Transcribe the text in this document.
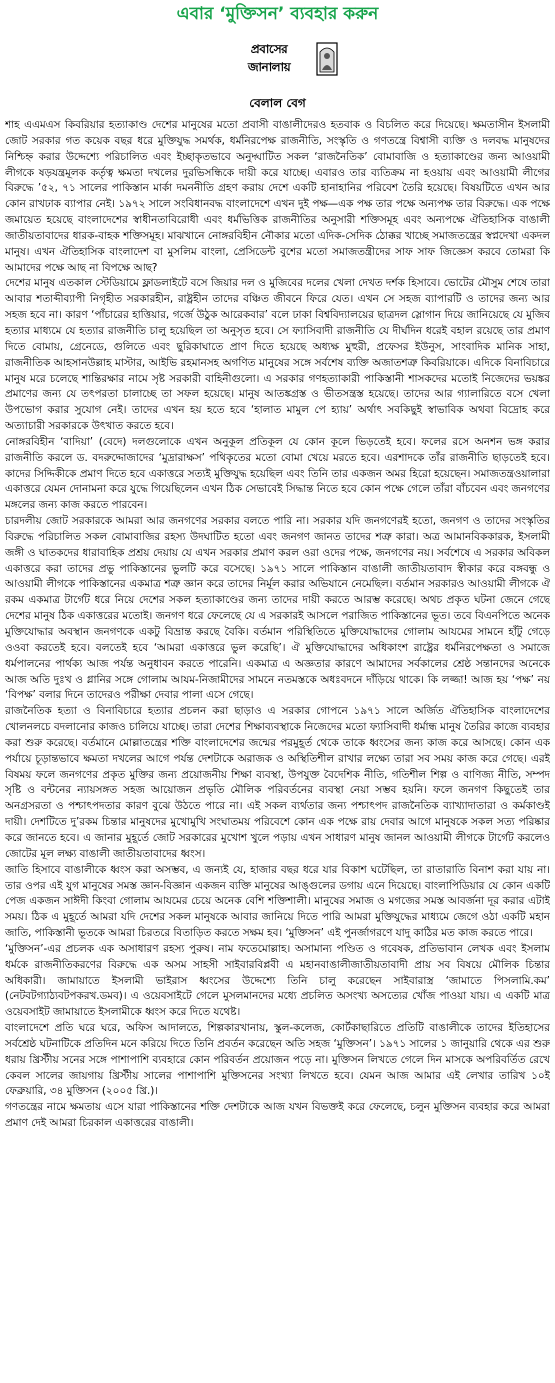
এবার ‘মুক্তিসন’ ব্যবহার করুন
প্রবাসের
জানালায়
বেলাল বেগ

শাহ এএমএস কিবরিয়ার হত্যাকাণ্ড দেশের মানুষের মতো প্রবাসী বাঙালীদেরও হতবাক ও বিচলিত করে দিয়েছে। ক্ষমতাসীন ইসলামী জোট সরকার গত কয়েক বছর ধরে মুক্তিযুদ্ধ সমর্থক, ধর্মনিরপেক্ষ রাজনীতি, সংস্কৃতি ও গণতন্ত্রে বিশ্বাসী ব্যক্তি ও দলবদ্ধ মানুষদের নিশ্চিহ্ন করার উদ্দেশ্যে পরিচালিত এবং ইচ্ছাকৃতভাবে অনুদ্ঘাটিত সকল ‘রাজনৈতিক’ বোমাবাজি ও হত্যাকাণ্ডের জন্য আওয়ামী লীগকে ষড়যন্ত্রমূলক কর্তৃত্ব ক্ষমতা দখলের দুরভিসন্ধিকে দায়ী করে যাচ্ছে। এবারও তার ব্যতিক্রম না হওয়ায় এবং আওয়ামী লীগের বিরুদ্ধে ’৫২, ৭১ সালের পাকিস্তান মার্কা দমননীতি গ্রহণ করায় দেশে একটি হানাহানির পরিবেশ তৈরি হয়েছে। বিষয়টিতে এখন আর কোন রাখঢাক ব্যাপার নেই। ১৯৭২ সালে সংবিধানবদ্ধ বাংলাদেশে এখন দুই পক্ষ—এক পক্ষ তার পক্ষে অন্যপক্ষ তার বিরুদ্ধে। এক পক্ষে জমায়েত হয়েছে বাংলাদেশের স্বাধীনতাবিরোধী এবং ধর্মভিত্তিক রাজনীতির অনুসারী শক্তিসমূহ এবং অন্যপক্ষে ঐতিহাসিক বাঙালী জাতীয়তাবাদের ধারক-বাহক শক্তিসমূহ। মাঝখানে নোঙ্গরবিহীন নৌকার মতো এদিক-সেদিক ঠোক্কর খাচ্ছে সমাজতন্ত্রের স্বপ্নদেখা একদল মানুষ। এখন ঐতিহাসিক বাংলাদেশ বা মুসলিম বাংলা, প্রেসিডেন্ট বুশের মতো সমাজতন্ত্রীদের সাফ সাফ জিজ্ঞেস করবে তোমরা কি আমাদের পক্ষে আছ না বিপক্ষে আছ?

দেশের মানুষ এতকাল স্টেডিয়ামে ফ্লাডলাইটে বসে জিয়ার দল ও মুজিবের দলের খেলা দেখত দর্শক হিসাবে। ভোটের মৌসুম শেষে তারা আবার শতাব্দীব্যাপী নিগৃহীত সরকারহীন, রাষ্ট্রহীন তাদের বঞ্চিত জীবনে ফিরে যেত। এখন সে সহজ ব্যাপারটি ও তাদের জন্য আর সহজ হবে না। কারণ ‘পাঁচারের হাত্তিয়ার, গর্জে উঠুক আরেকবার’ বলে ঢাকা বিশ্ববিদ্যালয়ের ছাত্রদল স্লোগান দিয়ে জানিয়েছে যে মুজিব হত্যার মাধ্যমে যে হত্যার রাজনীতি চালু হয়েছিল তা অনুসৃত হবে। সে ফ্যাসিবাদী রাজনীতি যে দীর্ঘদিন ধরেই বহাল রয়েছে তার প্রমাণ দিতে বোমায়, গ্রেনেডে, গুলিতে এবং ছুরিকাঘাতে প্রাণ দিতে হয়েছে অধ্যক্ষ মুহুরী, প্রফেসর ইউনুস, সাংবাদিক মানিক সাহা, রাজনীতিক আহসানউল্লাহ মাস্টার, আইভি রহমানসহ অগণিত মানুষের সঙ্গে সর্বশেষ ব্যক্তি অজাতশত্রু কিবরিয়াকে। এদিকে বিনাবিচারে মানুষ মরে চলেছে শান্তিরক্ষার নামে সৃষ্ট সরকারী বাহিনীগুলো। এ সরকার গণহত্যাকারী পাকিস্তানী শাসকদের মতোই নিজেদের ভয়ঙ্কর প্রমাণের জন্য যে তৎপরতা চালাচ্ছে তা সফল হয়েছে। মানুষ আতঙ্কগ্রস্ত ও ভীতসন্ত্রস্ত হয়েছে। তাদের আর গ্যালারিতে বসে খেলা উপভোগ করার সুযোগ নেই। তাদের এখন হয় হতে হবে ‘হালাত মামুল পে হ্যায়’ অর্থাৎ সবকিছুই স্বাভাবিক অথবা বিদ্রোহ করে অত্যাচারী সরকারকে উৎখাত করতে হবে।

নোঙ্গরবিহীন ‘বাদিয়া’ (বেদে) দলগুলোকে এখন অনুকূল প্রতিকূল যে কোন কূলে ভিড়তেই হবে। ফলের রসে অনশন ভঙ্গ করার রাজনীতি করলে ড. বদরুদ্দোজাদের ‘মুদ্রারাক্ষস’ পথিকৃতের মতো বোমা খেয়ে মরতে হবে। এরশাদকে তাঁর রাজনীতি ছাড়তেই হবে। কাদের সিদ্দিকীকে প্রমাণ দিতে হবে একাত্তরে সত্যই মুক্তিযুদ্ধ হয়েছিল এবং তিনি তার একজন অমর হিরো হয়েছেন। সমাজতন্ত্রওয়ালারা একাত্তরে যেমন দোনামনা করে যুদ্ধে গিয়েছিলেন এখন ঠিক সেভাবেই সিদ্ধান্ত নিতে হবে কোন পক্ষে গেলে তাঁরা বাঁচবেন এবং জনগণের মঙ্গলের জন্য কাজ করতে পারবেন।

চারদলীয় জোট সরকারকে আমরা আর জনগণের সরকার বলতে পারি না। সরকার যদি জনগণেরই হতো, জনগণ ও তাদের সংস্কৃতির বিরুদ্ধে পরিচালিত সকল বোমাবাজির রহস্য উদঘাটিত হতো এবং জনগণ জানত তাদের শত্রু কারা। অত্র আমানবিককারক, ইসলামী জঙ্গী ও ঘাতকদের ধারাবাহিক প্রশ্রয় দেয়ায় যে এখন সরকার প্রমাণ করল ওরা ওদের পক্ষে, জনগণের নয়। সর্বশেষে এ সরকার অবিকল একাত্তরে করা তাদের প্রভু পাকিস্তানের ভুলটি করে বসেছে। ১৯৭১ সালে পাকিস্তান বাঙালী জাতীয়তাবাদ স্বীকার করে বঙ্গবন্ধু ও আওয়ামী লীগকে পাকিস্তানের একমাত্র শত্রু জ্ঞান করে তাদের নির্মূল করার অভিযানে নেমেছিল। বর্তমান সরকারও আওয়ামী লীগকে ঐ রকম একমাত্র টার্গেট ধরে নিয়ে দেশের সকল হত্যাকাণ্ডের জন্য তাদের দায়ী করতে আরম্ভ করেছে। অথচ প্রকৃত ঘটনা জেনে গেছে দেশের মানুষ ঠিক একাত্তরের মতোই। জনগণ ধরে ফেলেছে যে এ সরকারই আসলে পরাজিত পাকিস্তানের ভূত। তবে বিএনপিতে অনেক মুক্তিযোদ্ধার অবস্থান জনগণকে একটু বিভ্রান্ত করছে বৈকি। বর্তমান পরিস্থিতিতে মুক্তিযোদ্ধাদের গোলাম আযমের সামনে হাঁটু গেড়ে ওওবা করতেই হবে। বলতেই হবে ‘আমরা একাত্তরে ভুল করেছি’। ঐ মুক্তিযোদ্ধাদের অধিকাংশ রাষ্ট্রের ধর্মনিরপেক্ষতা ও সমাজে ধর্মপালনের পার্থক্য আজ পর্যন্ত অনুধাবন করতে পারেনি। একমাত্র এ অজ্ঞতার কারণে আমাদের সর্বকালের শ্রেষ্ঠ সন্তানদের অনেকে আজ অতি দুঃখ ও গ্লানির সঙ্গে গোলাম আযম-নিজামীদের সামনে নতমস্তকে অধঃবদনে দাঁড়িয়ে থাকে। কি লজ্জা! আজ হয় ‘পক্ষ’ নয় ‘বিপক্ষ’ বলার দিনে তাদেরও পরীক্ষা দেবার পালা এসে গেছে।

রাজনৈতিক হত্যা ও বিনাবিচারে হত্যার প্রচলন করা ছাড়াও এ সরকার গোপনে ১৯৭১ সালে অর্জিত ঐতিহাসিক বাংলাদেশের খোলনলচে বদলানোর কাজও চালিয়ে যাচ্ছে। তারা দেশের শিক্ষাব্যবস্থাকে নিজেদের মতো ফ্যাসিবাদী ধর্মান্ধ মানুষ তৈরির কাজে ব্যবহার করা শুরু করেছে। বর্তমানে মোল্লাতন্ত্রের শক্তি বাংলাদেশের জন্মের পরমুহূর্ত থেকে তাকে ধ্বংসের জন্য কাজ করে আসছে। কোন এক পর্যায়ে চূড়ান্তভাবে ক্ষমতা দখলের আগে পর্যন্ত দেশটাকে অরাজক ও অস্থিতিশীল রাখার লক্ষ্যে তারা সব সময় কাজ করে গেছে। এরই বিষময় ফলে জনগণের প্রকৃত মুক্তির জন্য প্রয়োজনীয় শিক্ষা ব্যবস্থা, উপযুক্ত বৈদেশিক নীতি, গতিশীল শিল্প ও বাণিজ্য নীতি, সম্পদ সৃষ্টি ও বন্টনের ন্যায়সঙ্গত সহজ আয়োজন প্রভৃতি মৌলিক পরিবর্তনের ব্যবস্থা নেয়া সম্ভব হয়নি। ফলে জনগণ কিছুতেই তার অনগ্রসরতা ও পশ্চাৎপদতার কারণ বুঝে উঠতে পারে না। এই সকল ব্যর্থতার জন্য পশ্চাৎপদ রাজনৈতিক ব্যাখ্যাদাতারা ও কর্মকাণ্ডই দায়ী। দেশটিতে দু’রকম চিন্তার মানুষদের মুখোমুখি সংঘাতময় পরিবেশে কোন এক পক্ষে রায় দেবার আগে মানুষকে সকল সত্য পরিষ্কার করে জানতে হবে। এ জানার মুহূর্তে জোট সরকারের মুখোশ খুলে পড়ায় এখন সাধারণ মানুষ জানল আওয়ামী লীগকে টার্গেট করলেও জোটের মূল লক্ষ্য বাঙালী জাতীয়তাবাদের ধ্বংস।

জাতি হিসাবে বাঙালীকে ধ্বংস করা অসম্ভব, এ জন্যই যে, হাজার বছর ধরে যার বিকাশ ঘটেছিল, তা রাতারাতি বিনাশ করা যায় না। তার ওপর এই যুগ মানুষের সমস্ত জ্ঞান-বিজ্ঞান একজন ব্যক্তি মানুষের আঙ্গুলের ডগায় এনে দিয়েছে। বাংলাপিডিয়ার যে কোন একটি পেজ একজন সাঈদী কিংবা গোলাম আযমের চেয়ে অনেক বেশি শক্তিশালী। মানুষের সমাজ ও মগজের সমস্ত আবর্জনা দূর করার এটাই সময়। ঠিক এ মুহূর্তে আমরা যদি দেশের সকল মানুষকে আবার জানিয়ে দিতে পারি আমরা মুক্তিযুদ্ধের মাধ্যমে জেগে ওঠা একটি মহান জাতি, পাকিস্তানী ভূতকে আমরা চিরতরে বিতাড়িত করতে সক্ষম হব। ‘মুক্তিসন’ এই পুনর্জাগরণে যাদু কাঠির মত কাজ করতে পারে।

‘মুক্তিসন’-এর প্রচলক এক অসাধারণ রহস্য পুরুষ। নাম ফতেমোল্লাহ। অসামান্য পণ্ডিত ও গবেষক, প্রতিভাবান লেখক এবং ইসলাম ধর্মকে রাজনীতিকরণের বিরুদ্ধে এক অসম সাহসী সাইবারবিপ্লবী এ মহানবাঙালীজাতীয়তাবাদী প্রায় সব বিষয়ে মৌলিক চিন্তার অধিকারী। জামায়াতে ইসলামী ভাইরাস ধ্বংসের উদ্দেশ্যে তিনি চালু করেছেন সাইবারাস্ত্র ‘জামাতে পিসলামি.কম’ (নেটবটগ্যাঠ্যবটপকরখ.ডমব)। এ ওয়েবসাইটে গেলে মুসলমানদের মধ্যে প্রচলিত অসংখ্য অসত্যের খোঁজ পাওয়া যায়। এ একটি মাত্র ওয়েবসাইট জামায়াতে ইসলামীকে ধ্বংস করে দিতে যথেষ্ট।

বাংলাদেশে প্রতি ঘরে ঘরে, অফিস আদালতে, শিল্পকারখানায়, স্কুল-কলেজ, কোর্টকাছারিতে প্রতিটি বাঙালীকে তাদের ইতিহাসের সর্বশ্রেষ্ঠ ঘটনাটিকে প্রতিদিন মনে করিয়ে দিতে তিনি প্রবর্তন করেছেন অতি সহজ ‘মুক্তিসন’। ১৯৭১ সালের ১ জানুয়ারি থেকে এর শুরু ধরায় খ্রিস্টীয় সনের সঙ্গে পাশাপাশি ব্যবহারে কোন পরিবর্তন প্রয়োজন পড়ে না। মুক্তিসন লিখতে গেলে দিন মাসকে অপরিবর্তিত রেখে কেবল সালের জায়গায় খ্রিস্টীয় সালের পাশাপাশি মুক্তিসনের সংখ্যা লিখতে হবে। যেমন আজ আমার এই লেখার তারিখ ১০ই ফেব্রুয়ারি, ৩৪ মুক্তিসন (২০০৫ খ্রি.)।

গণতন্ত্রের নামে ক্ষমতায় এসে যারা পাকিস্তানের শক্তি দেশটাকে আজ যখন বিভক্তই করে ফেলেছে, চলুন মুক্তিসন ব্যবহার করে আমরা প্রমাণ দেই আমরা চিরকাল একাত্তরের বাঙালী।
